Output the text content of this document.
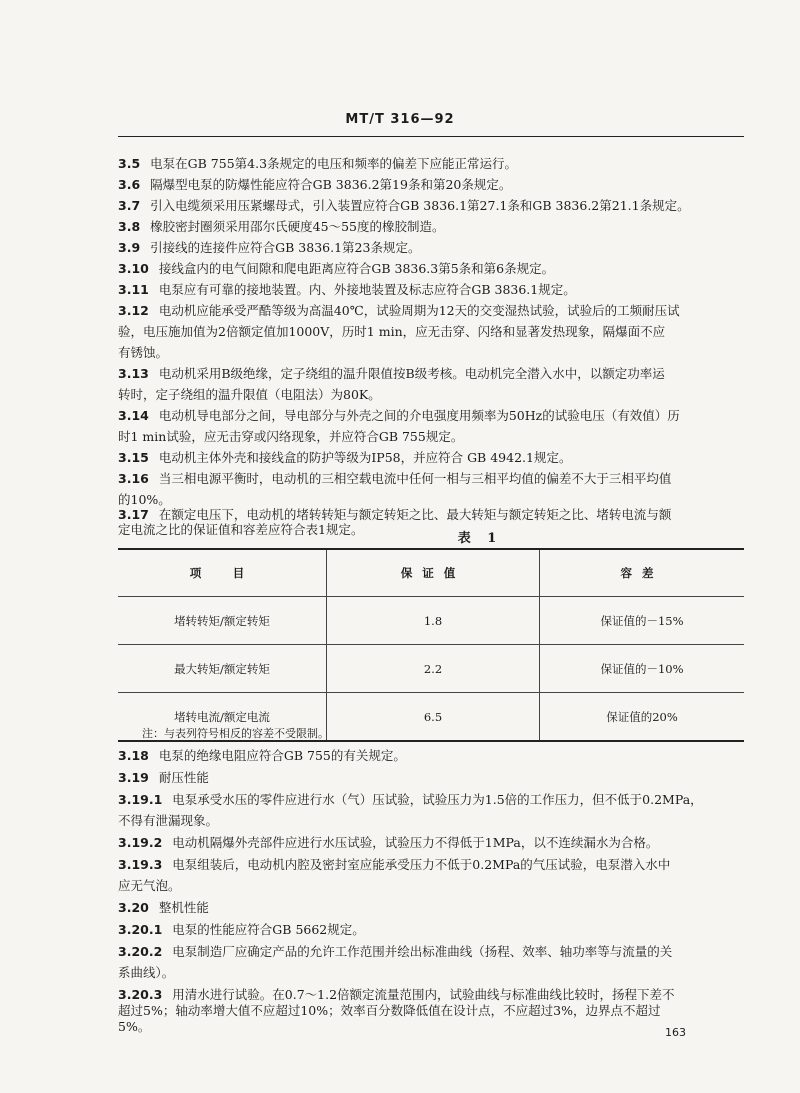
MT/T 316—92
3.5 电泵在GB 755第4.3条规定的电压和频率的偏差下应能正常运行。
3.6 隔爆型电泵的防爆性能应符合GB 3836.2第19条和第20条规定。
3.7 引入电缆须采用压紧螺母式，引入装置应符合GB 3836.1第27.1条和GB 3836.2第21.1条规定。
3.8 橡胶密封圈须采用邵尔氏硬度45～55度的橡胶制造。
3.9 引接线的连接件应符合GB 3836.1第23条规定。
3.10 接线盒内的电气间隙和爬电距离应符合GB 3836.3第5条和第6条规定。
3.11 电泵应有可靠的接地装置。内、外接地装置及标志应符合GB 3836.1规定。
3.12 电动机应能承受严酷等级为高温40℃，试验周期为12天的交变湿热试验，试验后的工频耐压试
验，电压施加值为2倍额定值加1000V，历时1 min，应无击穿、闪络和显著发热现象，隔爆面不应
有锈蚀。
3.13 电动机采用B级绝缘，定子绕组的温升限值按B级考核。电动机完全潜入水中，以额定功率运
转时，定子绕组的温升限值（电阻法）为80K。
3.14 电动机导电部分之间，导电部分与外壳之间的介电强度用频率为50Hz的试验电压（有效值）历
时1 min试验，应无击穿或闪络现象，并应符合GB 755规定。
3.15 电动机主体外壳和接线盒的防护等级为IP58，并应符合 GB 4942.1规定。
3.16 当三相电源平衡时，电动机的三相空载电流中任何一相与三相平均值的偏差不大于三相平均值
的10%。
3.17 在额定电压下，电动机的堵转转矩与额定转矩之比、最大转矩与额定转矩之比、堵转电流与额
定电流之比的保证值和容差应符合表1规定。
表 1
项　目	保证值	容差
堵转转矩/额定转矩	1.8	保证值的－15%
最大转矩/额定转矩	2.2	保证值的－10%
堵转电流/额定电流	6.5	保证值的20%
注：与表列符号相反的容差不受限制。
3.18 电泵的绝缘电阻应符合GB 755的有关规定。
3.19 耐压性能
3.19.1 电泵承受水压的零件应进行水（气）压试验，试验压力为1.5倍的工作压力，但不低于0.2MPa，
不得有泄漏现象。
3.19.2 电动机隔爆外壳部件应进行水压试验，试验压力不得低于1MPa，以不连续漏水为合格。
3.19.3 电泵组装后，电动机内腔及密封室应能承受压力不低于0.2MPa的气压试验，电泵潜入水中
应无气泡。
3.20 整机性能
3.20.1 电泵的性能应符合GB 5662规定。
3.20.2 电泵制造厂应确定产品的允许工作范围并绘出标准曲线（扬程、效率、轴功率等与流量的关
系曲线）。
3.20.3 用清水进行试验。在0.7～1.2倍额定流量范围内，试验曲线与标准曲线比较时，扬程下差不
超过5%；轴动率增大值不应超过10%；效率百分数降低值在设计点，不应超过3%，边界点不超过
5%。	163
